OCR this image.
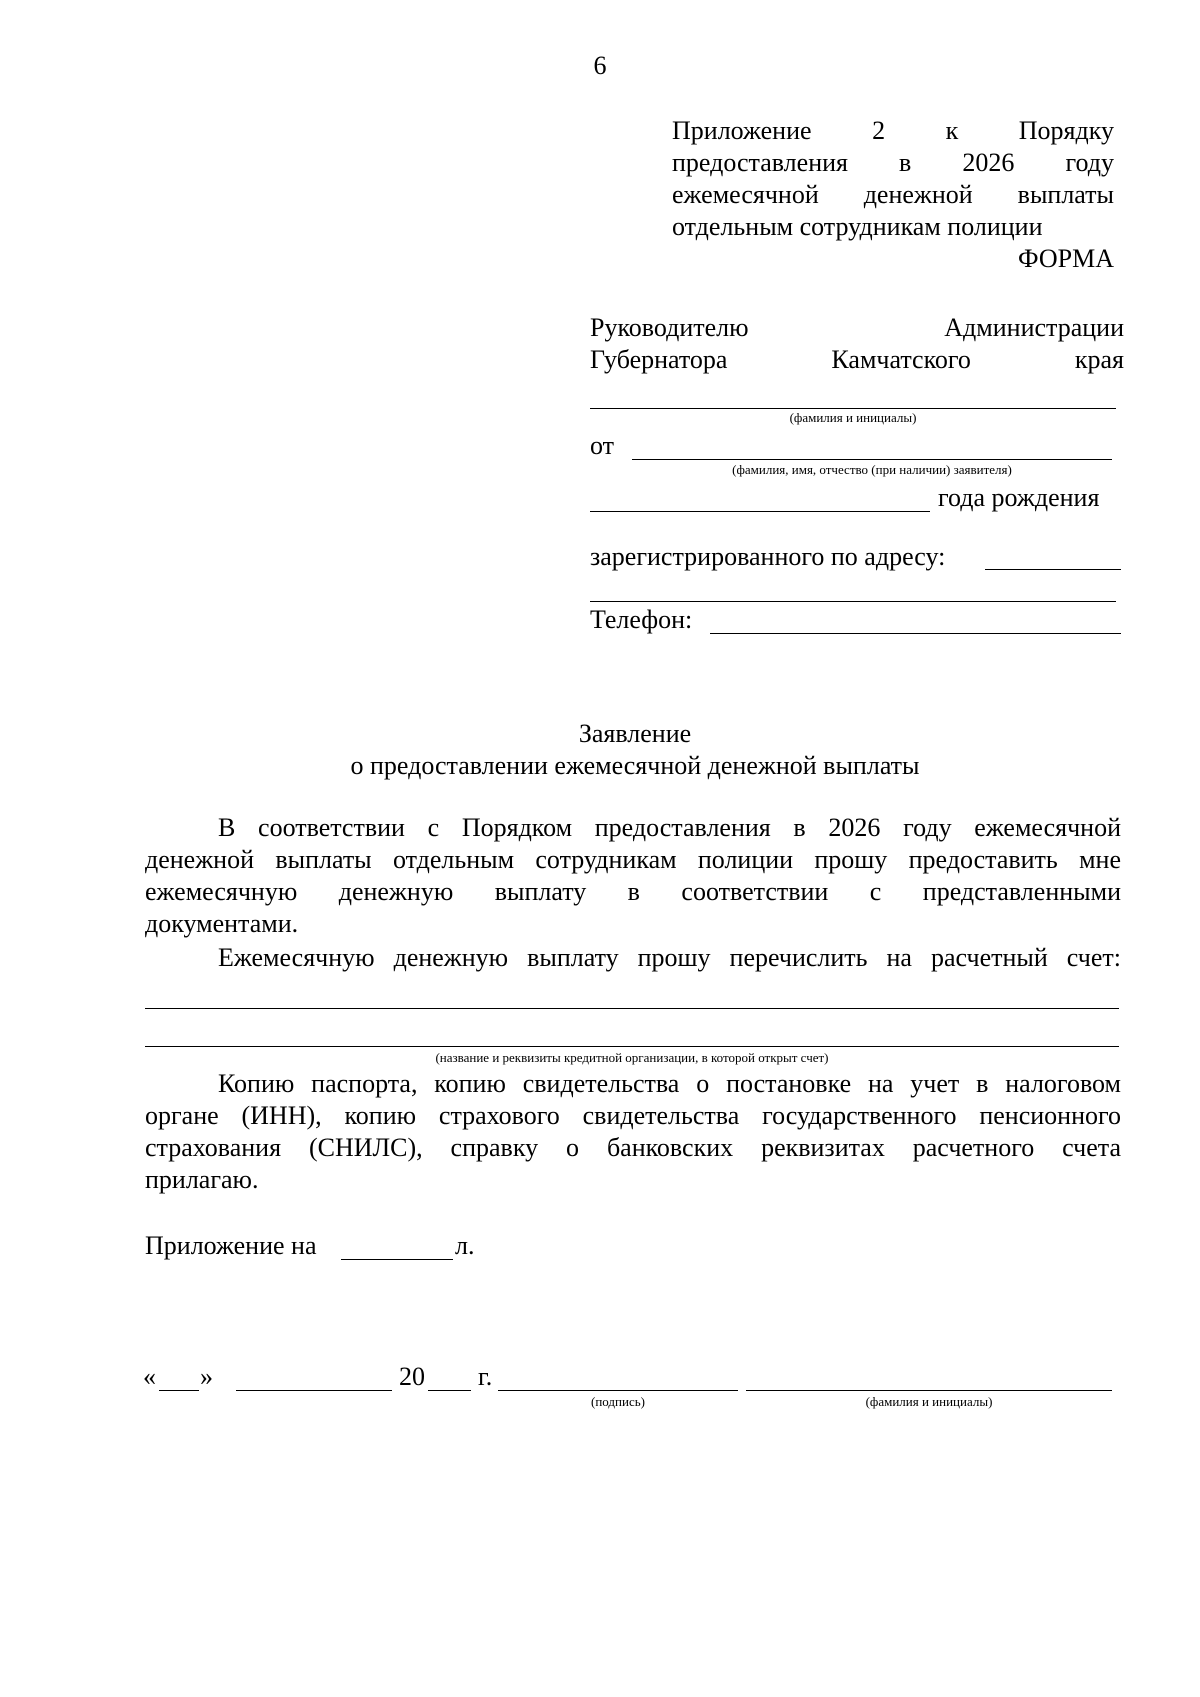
6
Приложение 2 к Порядку
предоставления в 2026 году
ежемесячной денежной выплаты
отдельным сотрудникам полиции
ФОРМА
Руководителю Администрации
Губернатора Камчатского края
(фамилия и инициалы)
от
(фамилия, имя, отчество (при наличии) заявителя)
года рождения
зарегистрированного по адресу:
Телефон:
Заявление
о предоставлении ежемесячной денежной выплаты
В соответствии с Порядком предоставления в 2026 году ежемесячной
денежной выплаты отдельным сотрудникам полиции прошу предоставить мне
ежемесячную денежную выплату в соответствии с представленными
документами.
Ежемесячную денежную выплату прошу перечислить на расчетный счет:
(название и реквизиты кредитной организации, в которой открыт счет)
Копию паспорта, копию свидетельства о постановке на учет в налоговом
органе (ИНН), копию страхового свидетельства государственного пенсионного
страхования (СНИЛС), справку о банковских реквизитах расчетного счета
прилагаю.
Приложение на	л.
« »	20 г.
(подпись)	(фамилия и инициалы)
